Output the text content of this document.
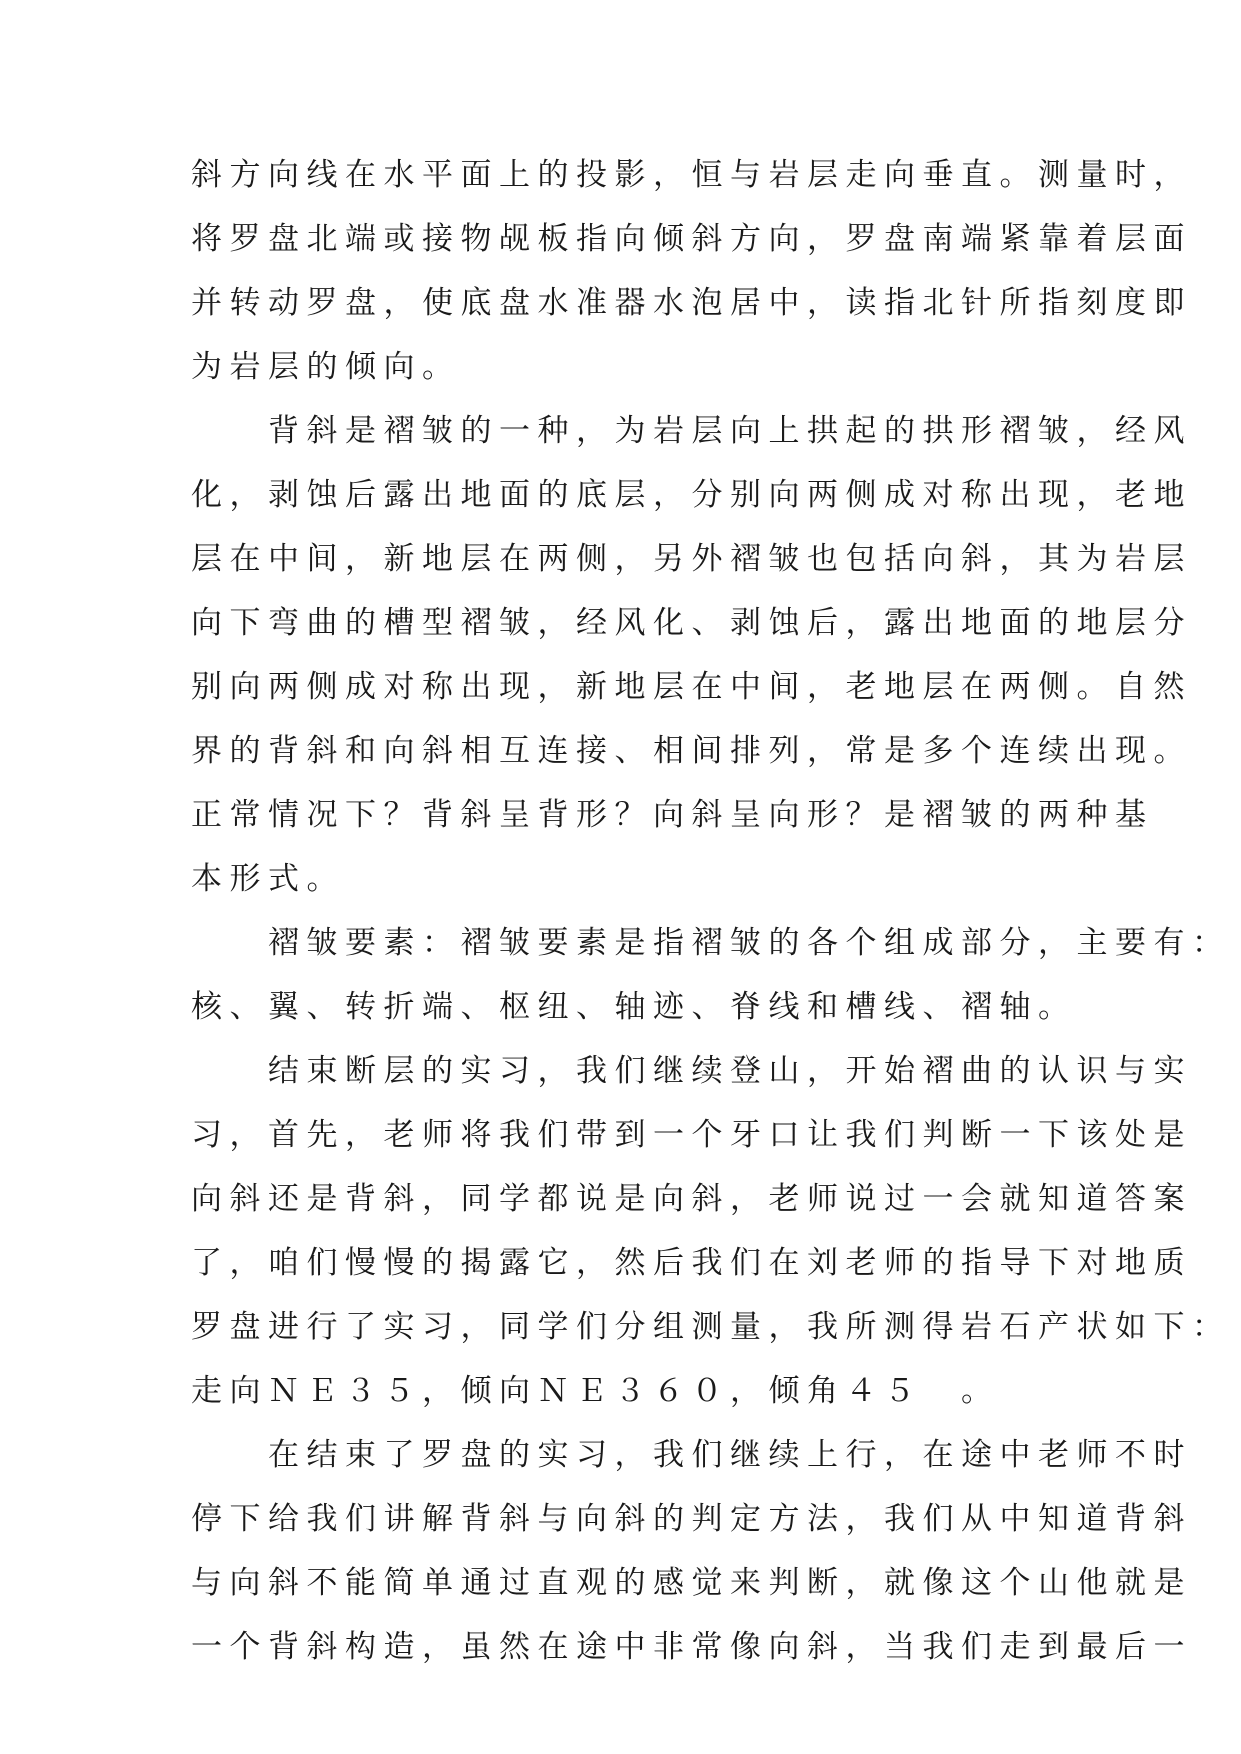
斜方向线在水平面上的投影，恒与岩层走向垂直。测量时，
将罗盘北端或接物觇板指向倾斜方向，罗盘南端紧靠着层面
并转动罗盘，使底盘水准器水泡居中，读指北针所指刻度即
为岩层的倾向。
　　背斜是褶皱的一种，为岩层向上拱起的拱形褶皱，经风
化，剥蚀后露出地面的底层，分别向两侧成对称出现，老地
层在中间，新地层在两侧，另外褶皱也包括向斜，其为岩层
向下弯曲的槽型褶皱，经风化、剥蚀后，露出地面的地层分
别向两侧成对称出现，新地层在中间，老地层在两侧。自然
界的背斜和向斜相互连接、相间排列，常是多个连续出现。
正常情况下？背斜呈背形？向斜呈向形？是褶皱的两种基
本形式。
　　褶皱要素：褶皱要素是指褶皱的各个组成部分，主要有：
核、翼、转折端、枢纽、轴迹、脊线和槽线、褶轴。
　　结束断层的实习，我们继续登山，开始褶曲的认识与实
习，首先，老师将我们带到一个牙口让我们判断一下该处是
向斜还是背斜，同学都说是向斜，老师说过一会就知道答案
了，咱们慢慢的揭露它，然后我们在刘老师的指导下对地质
罗盘进行了实习，同学们分组测量，我所测得岩石产状如下：
走向ＮＥ３５，倾向ＮＥ３６０，倾角４５　。
　　在结束了罗盘的实习，我们继续上行，在途中老师不时
停下给我们讲解背斜与向斜的判定方法，我们从中知道背斜
与向斜不能简单通过直观的感觉来判断，就像这个山他就是
一个背斜构造，虽然在途中非常像向斜，当我们走到最后一
